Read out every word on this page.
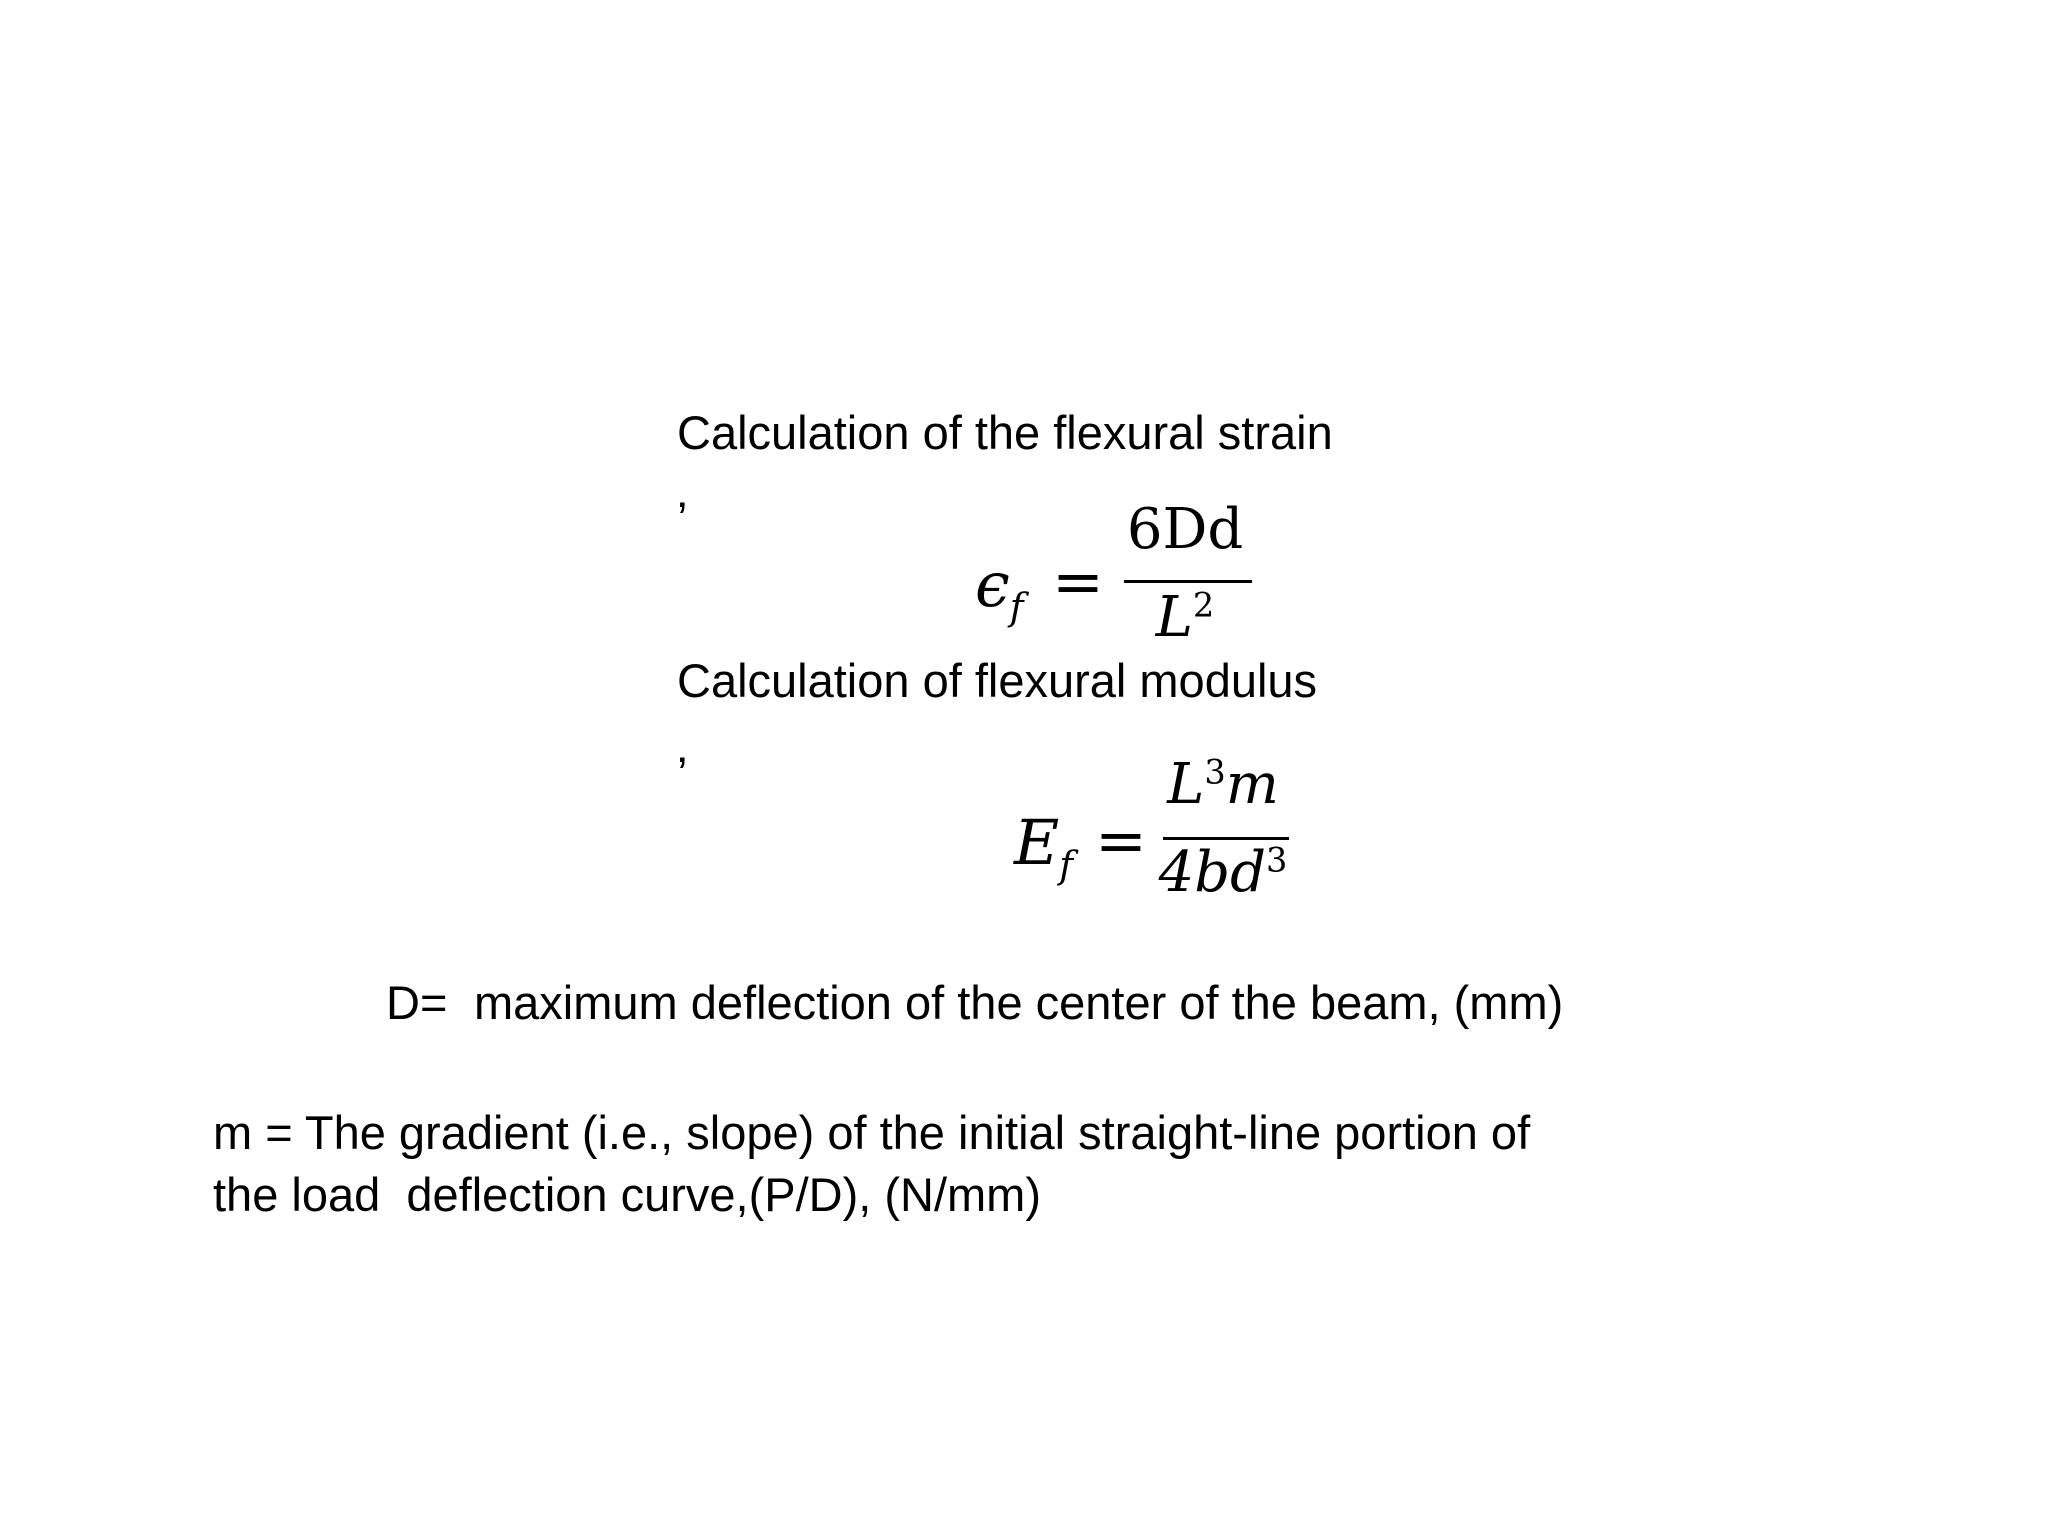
Calculation of the flexural strain
’
$\epsilon_f$ =
6Dd
$L^2$
Calculation of flexural modulus
’
$E_f$ =
$L^3m$
$4bd^3$
D= maximum deflection of the center of the beam, (mm)
m = The gradient (i.e., slope) of the initial straight-line portion of
the load  deflection curve,(P/D), (N/mm)
